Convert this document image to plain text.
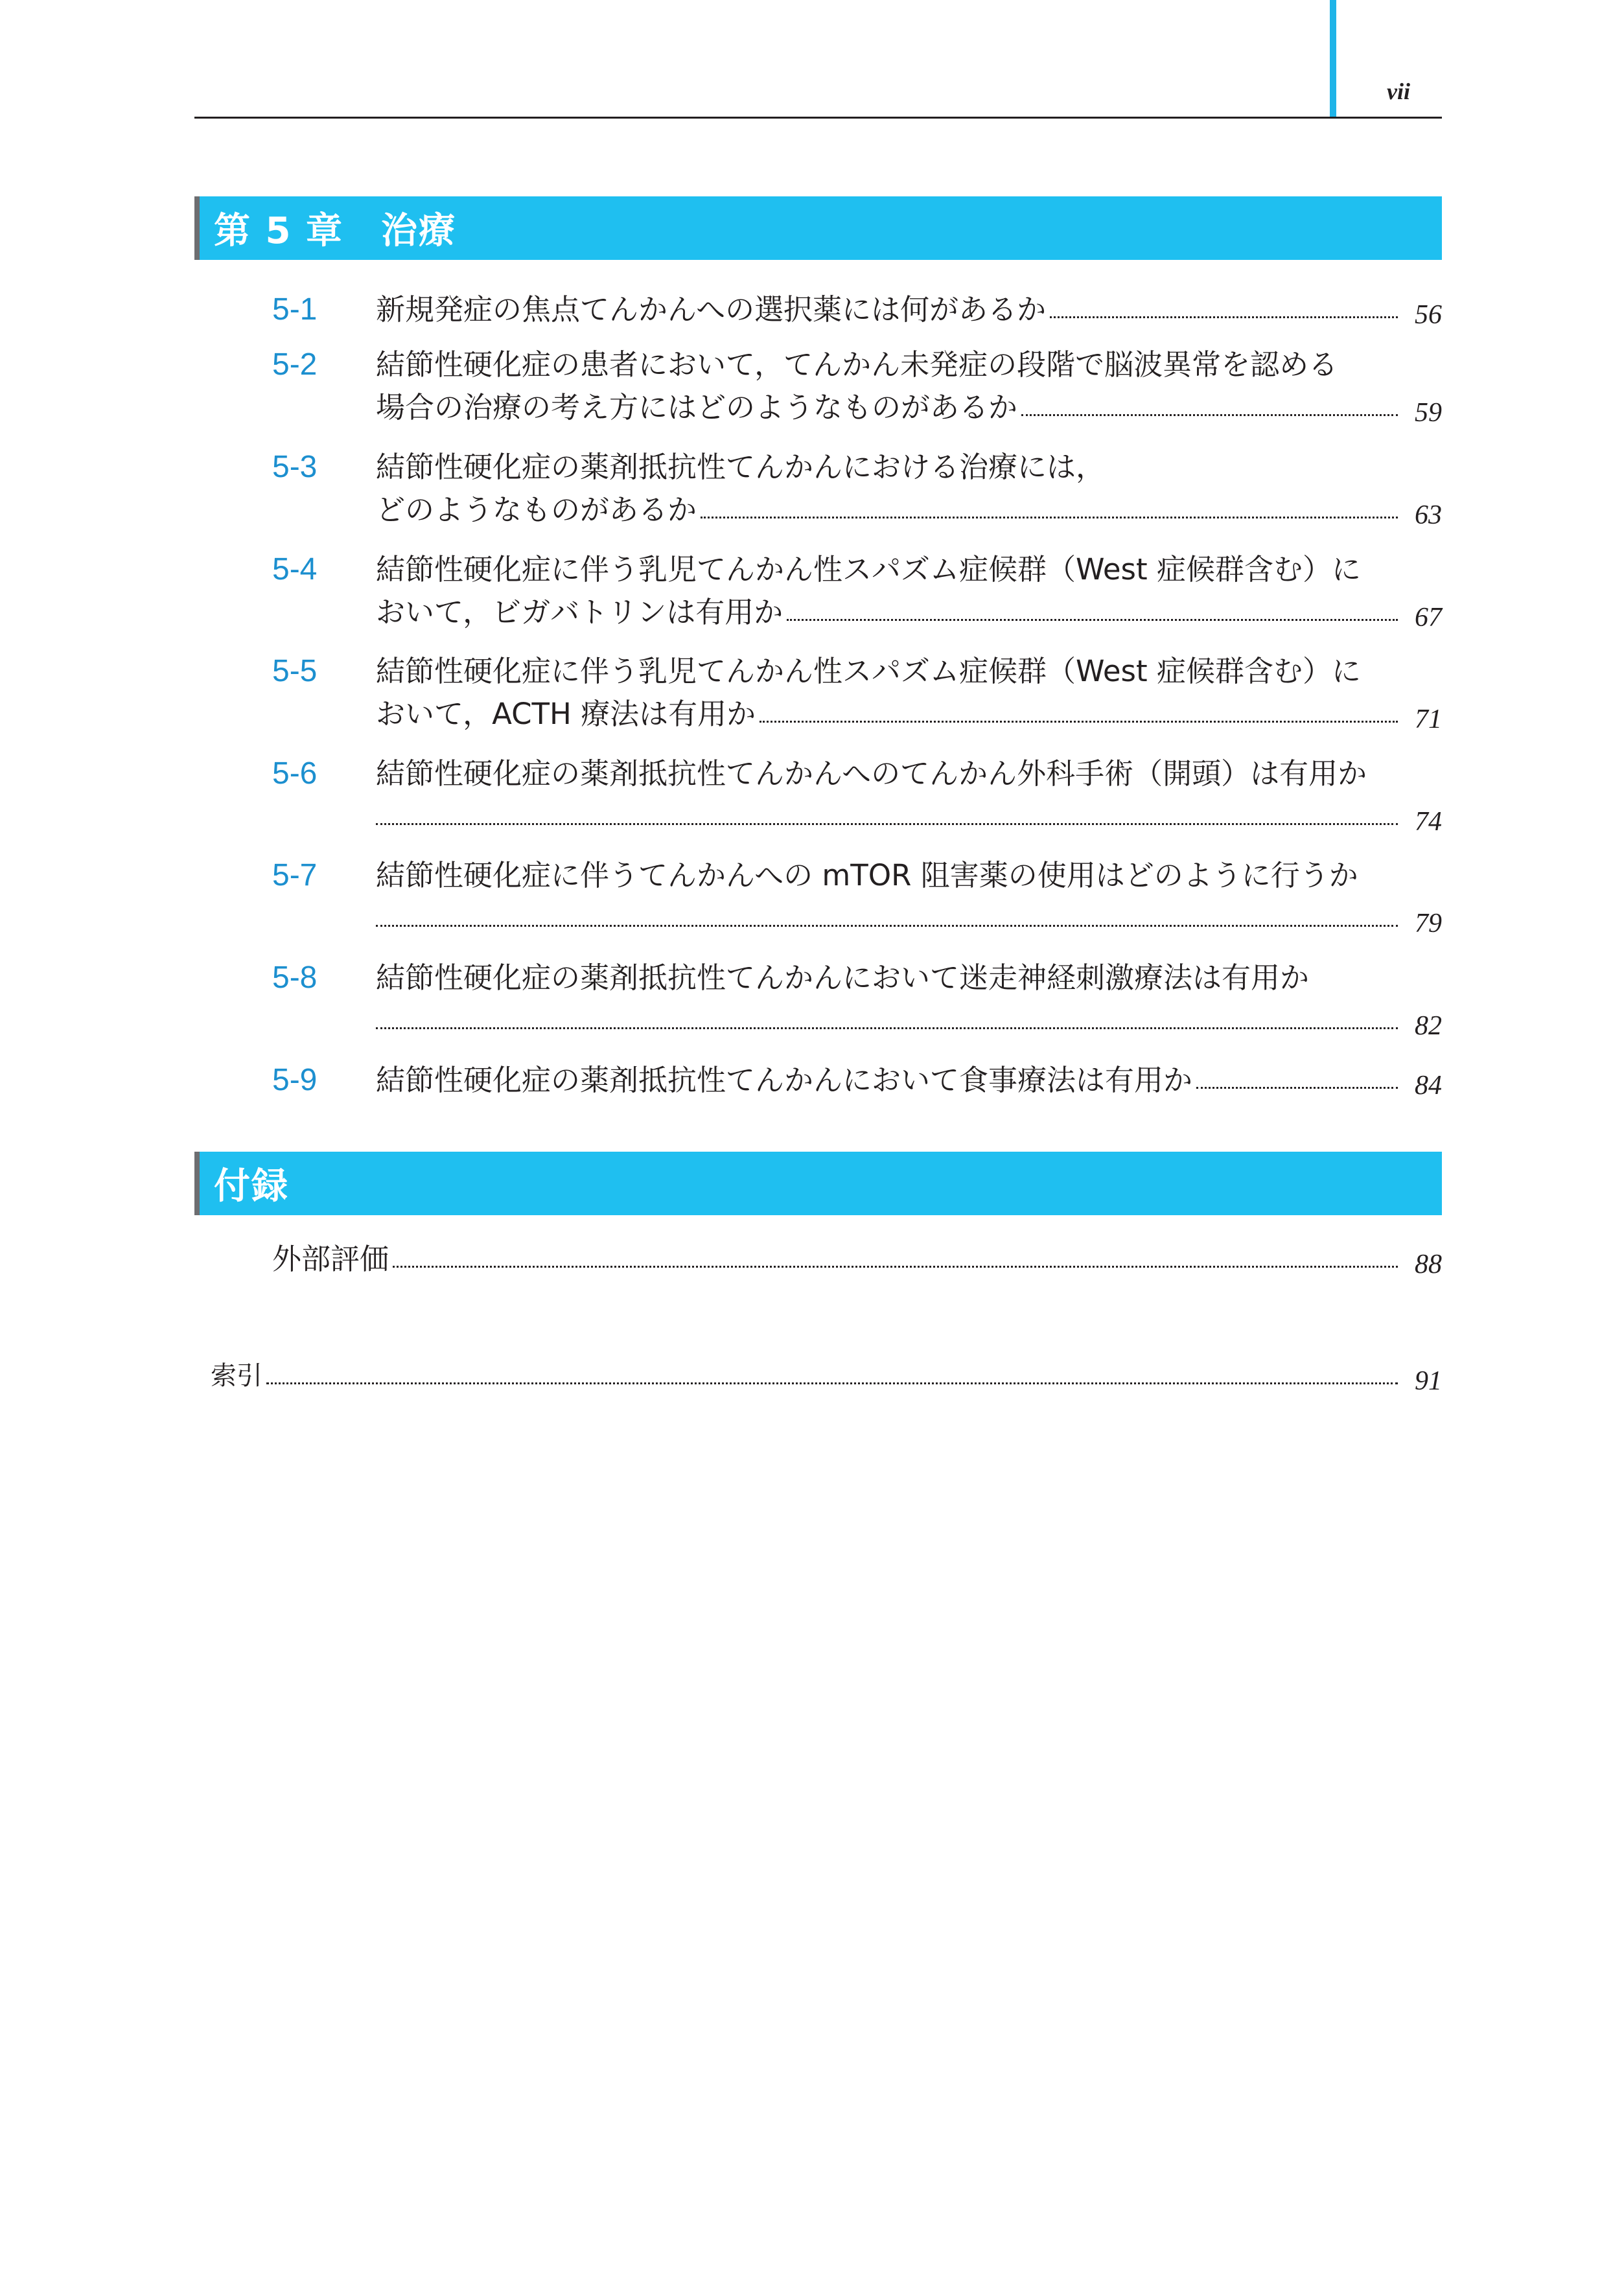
vii
第 5 章　治療
5-1 新規発症の焦点てんかんへの選択薬には何があるか	56
5-2 結節性硬化症の患者において，てんかん未発症の段階で脳波異常を認める
場合の治療の考え方にはどのようなものがあるか	59
5-3 結節性硬化症の薬剤抵抗性てんかんにおける治療には，
どのようなものがあるか	63
5-4 結節性硬化症に伴う乳児てんかん性スパズム症候群（West 症候群含む）に
おいて，ビガバトリンは有用か	67
5-5 結節性硬化症に伴う乳児てんかん性スパズム症候群（West 症候群含む）に
おいて，ACTH 療法は有用か	71
5-6 結節性硬化症の薬剤抵抗性てんかんへのてんかん外科手術（開頭）は有用か
74
5-7 結節性硬化症に伴うてんかんへの mTOR 阻害薬の使用はどのように行うか
79
5-8 結節性硬化症の薬剤抵抗性てんかんにおいて迷走神経刺激療法は有用か
82
5-9 結節性硬化症の薬剤抵抗性てんかんにおいて食事療法は有用か	84
付録
外部評価	88
索引	91
